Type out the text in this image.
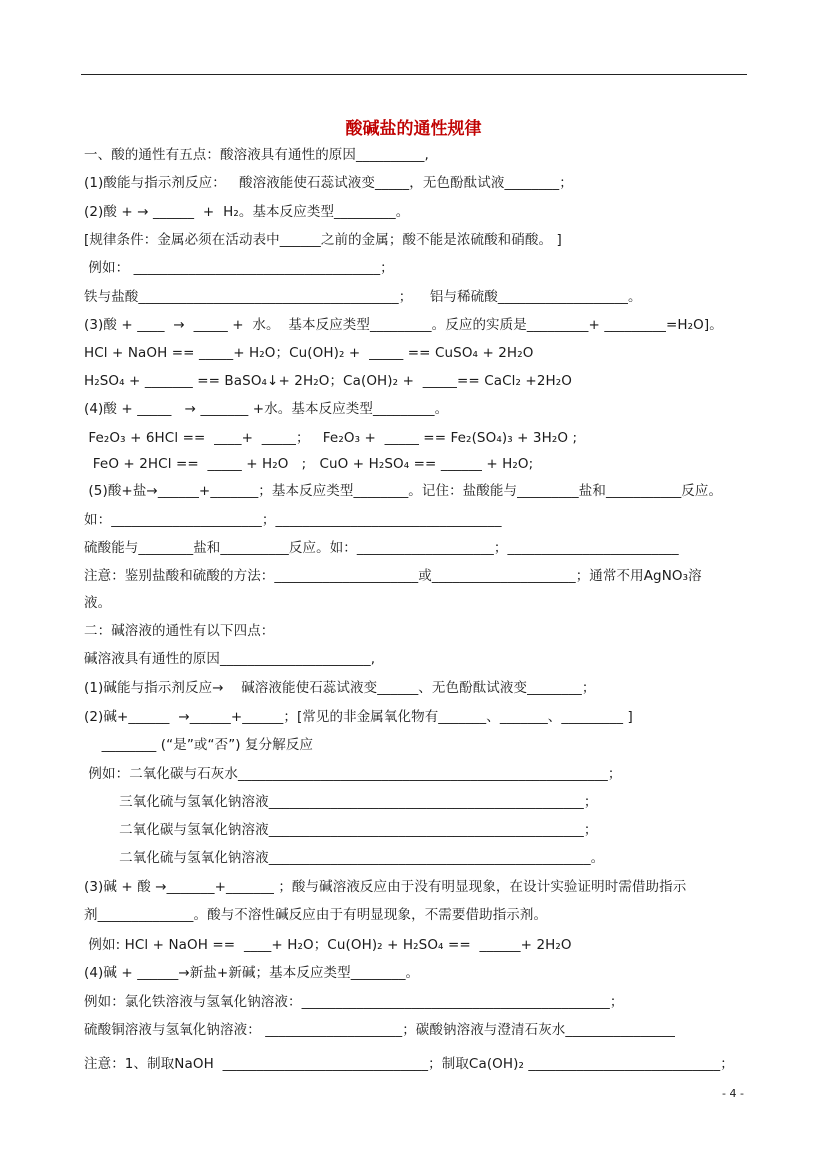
酸碱盐的通性规律
一、酸的通性有五点：酸溶液具有通性的原因__________,
(1)酸能与指示剂反应：   酸溶液能使石蕊试液变_____，无色酚酞试液________；
(2)酸 + → ______  +  H₂。基本反应类型_________。
[规律条件：金属必须在活动表中______之前的金属；酸不能是浓硫酸和硝酸。 ]
例如： ____________________________________；
铁与盐酸______________________________________；    铝与稀硫酸___________________。
(3)酸 + ____  →  _____ +  水。  基本反应类型_________。反应的实质是_________+ _________=H₂O]。
HCl + NaOH == _____+ H₂O；Cu(OH)₂ +  _____ == CuSO₄ + 2H₂O
H₂SO₄ + _______ == BaSO₄↓+ 2H₂O；Ca(OH)₂ +  _____== CaCl₂ +2H₂O
(4)酸 + _____   → _______ +水。基本反应类型_________。
Fe₂O₃ + 6HCl ==  ____+  _____；   Fe₂O₃ +  _____ == Fe₂(SO₄)₃ + 3H₂O ;
FeO + 2HCl ==  _____ + H₂O   ;   CuO + H₂SO₄ == ______ + H₂O;
(5)酸+盐→______+_______；基本反应类型________。记住：盐酸能与_________盐和___________反应。
如：______________________；_________________________________
硫酸能与________盐和__________反应。如：____________________；_________________________
注意：鉴别盐酸和硫酸的方法：_____________________或_____________________；通常不用AgNO₃溶
液。
二：碱溶液的通性有以下四点：
碱溶液具有通性的原因______________________,
(1)碱能与指示剂反应→    碱溶液能使石蕊试液变______、无色酚酞试液变________；
(2)碱+______  →______+______；[常见的非金属氧化物有_______、_______、_________ ]
________ (“是”或“否”) 复分解反应
例如：二氧化碳与石灰水______________________________________________________；
三氧化硫与氢氧化钠溶液______________________________________________；
二氧化碳与氢氧化钠溶液______________________________________________；
二氧化硫与氢氧化钠溶液_______________________________________________。
(3)碱 + 酸 →_______+_______ ；酸与碱溶液反应由于没有明显现象，在设计实验证明时需借助指示
剂______________。酸与不溶性碱反应由于有明显现象，不需要借助指示剂。
例如: HCl + NaOH ==  ____+ H₂O；Cu(OH)₂ + H₂SO₄ ==  ______+ 2H₂O
(4)碱 + ______→新盐+新碱；基本反应类型________。
例如：氯化铁溶液与氢氧化钠溶液：_____________________________________________；
硫酸铜溶液与氢氧化钠溶液： ____________________；碳酸钠溶液与澄清石灰水________________
注意：1、制取NaOH  ______________________________；制取Ca(OH)₂ ____________________________；
- 4 -
